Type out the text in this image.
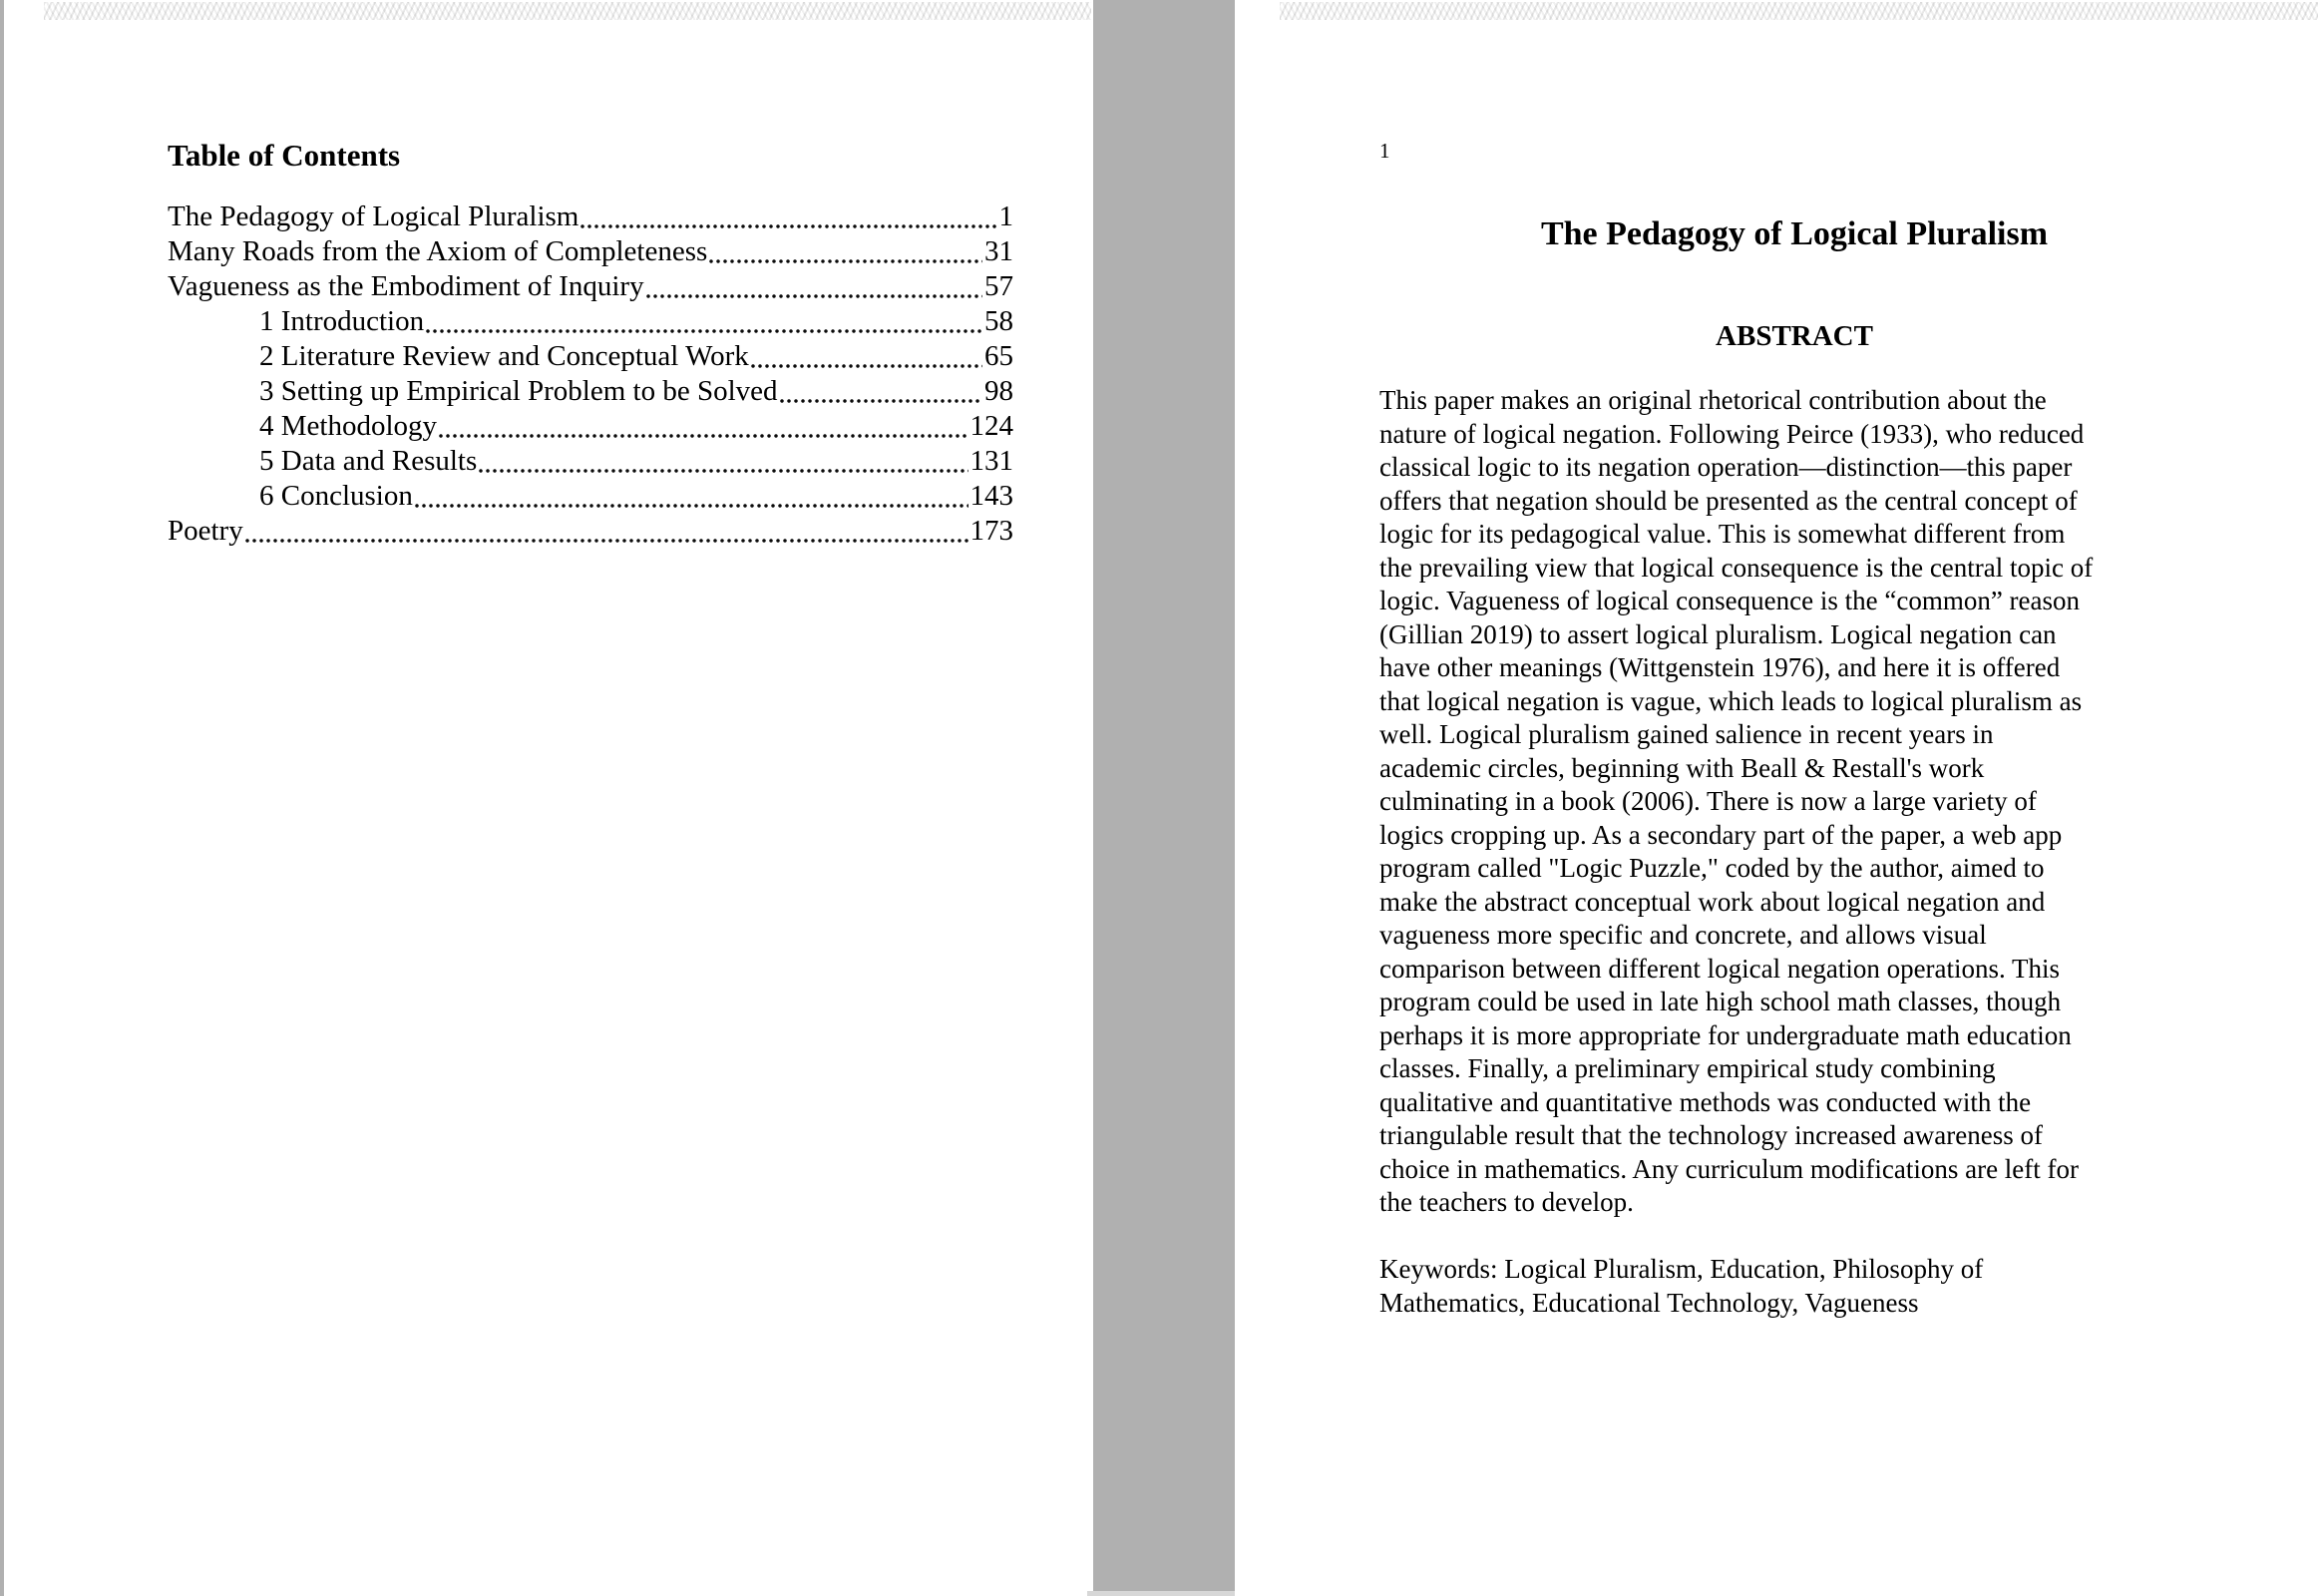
Table of Contents
The Pedagogy of Logical Pluralism	1
Many Roads from the Axiom of Completeness	31
Vagueness as the Embodiment of Inquiry	57
1 Introduction	58
2 Literature Review and Conceptual Work	65
3 Setting up Empirical Problem to be Solved	98
4 Methodology	124
5 Data and Results	131
6 Conclusion	143
Poetry	173
1
The Pedagogy of Logical Pluralism
ABSTRACT
This paper makes an original rhetorical contribution about the
nature of logical negation. Following Peirce (1933), who reduced
classical logic to its negation operation—distinction—this paper
offers that negation should be presented as the central concept of
logic for its pedagogical value. This is somewhat different from
the prevailing view that logical consequence is the central topic of
logic. Vagueness of logical consequence is the “common” reason
(Gillian 2019) to assert logical pluralism. Logical negation can
have other meanings (Wittgenstein 1976), and here it is offered
that logical negation is vague, which leads to logical pluralism as
well. Logical pluralism gained salience in recent years in
academic circles, beginning with Beall & Restall's work
culminating in a book (2006). There is now a large variety of
logics cropping up. As a secondary part of the paper, a web app
program called "Logic Puzzle," coded by the author, aimed to
make the abstract conceptual work about logical negation and
vagueness more specific and concrete, and allows visual
comparison between different logical negation operations. This
program could be used in late high school math classes, though
perhaps it is more appropriate for undergraduate math education
classes. Finally, a preliminary empirical study combining
qualitative and quantitative methods was conducted with the
triangulable result that the technology increased awareness of
choice in mathematics. Any curriculum modifications are left for
the teachers to develop.
Keywords: Logical Pluralism, Education, Philosophy of
Mathematics, Educational Technology, Vagueness
